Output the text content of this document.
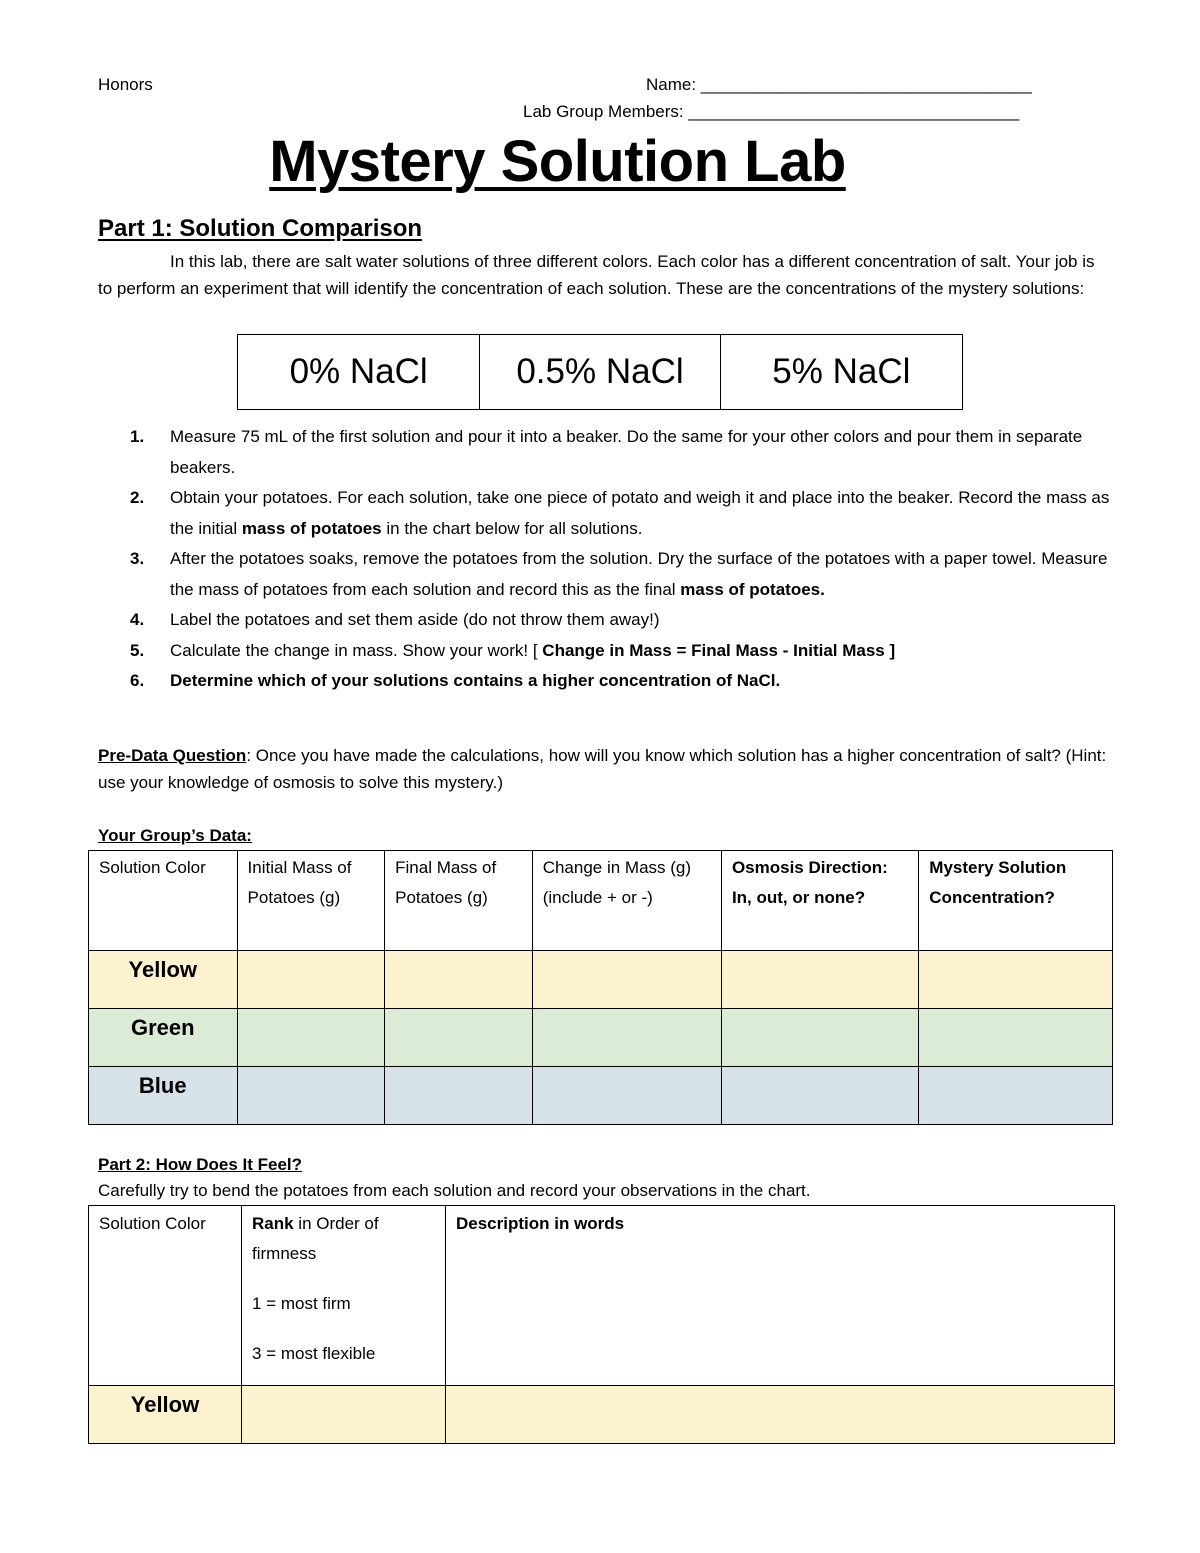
Honors	Name: ___________________________________
Lab Group Members: ___________________________________
Mystery Solution Lab
Part 1: Solution Comparison
In this lab, there are salt water solutions of three different colors. Each color has a different concentration of salt. Your job is to perform an experiment that will identify the concentration of each solution. These are the concentrations of the mystery solutions:
0% NaCl	0.5% NaCl	5% NaCl
1. Measure 75 mL of the first solution and pour it into a beaker. Do the same for your other colors and pour them in separate beakers.
2. Obtain your potatoes. For each solution, take one piece of potato and weigh it and place into the beaker. Record the mass as the initial mass of potatoes in the chart below for all solutions.
3. After the potatoes soaks, remove the potatoes from the solution. Dry the surface of the potatoes with a paper towel. Measure the mass of potatoes from each solution and record this as the final mass of potatoes.
4. Label the potatoes and set them aside (do not throw them away!)
5. Calculate the change in mass. Show your work! [ Change in Mass = Final Mass - Initial Mass ]
6. Determine which of your solutions contains a higher concentration of NaCl.
Pre-Data Question: Once you have made the calculations, how will you know which solution has a higher concentration of salt? (Hint: use your knowledge of osmosis to solve this mystery.)
Your Group’s Data:
Solution Color	Initial Mass of Potatoes (g)	Final Mass of Potatoes (g)	Change in Mass (g) (include + or -)	Osmosis Direction: In, out, or none?	Mystery Solution Concentration?
Yellow					
Green					
Blue					
Part 2: How Does It Feel?
Carefully try to bend the potatoes from each solution and record your observations in the chart.
Solution Color	Rank in Order of firmness
1 = most firm
3 = most flexible	Description in words
Yellow		
